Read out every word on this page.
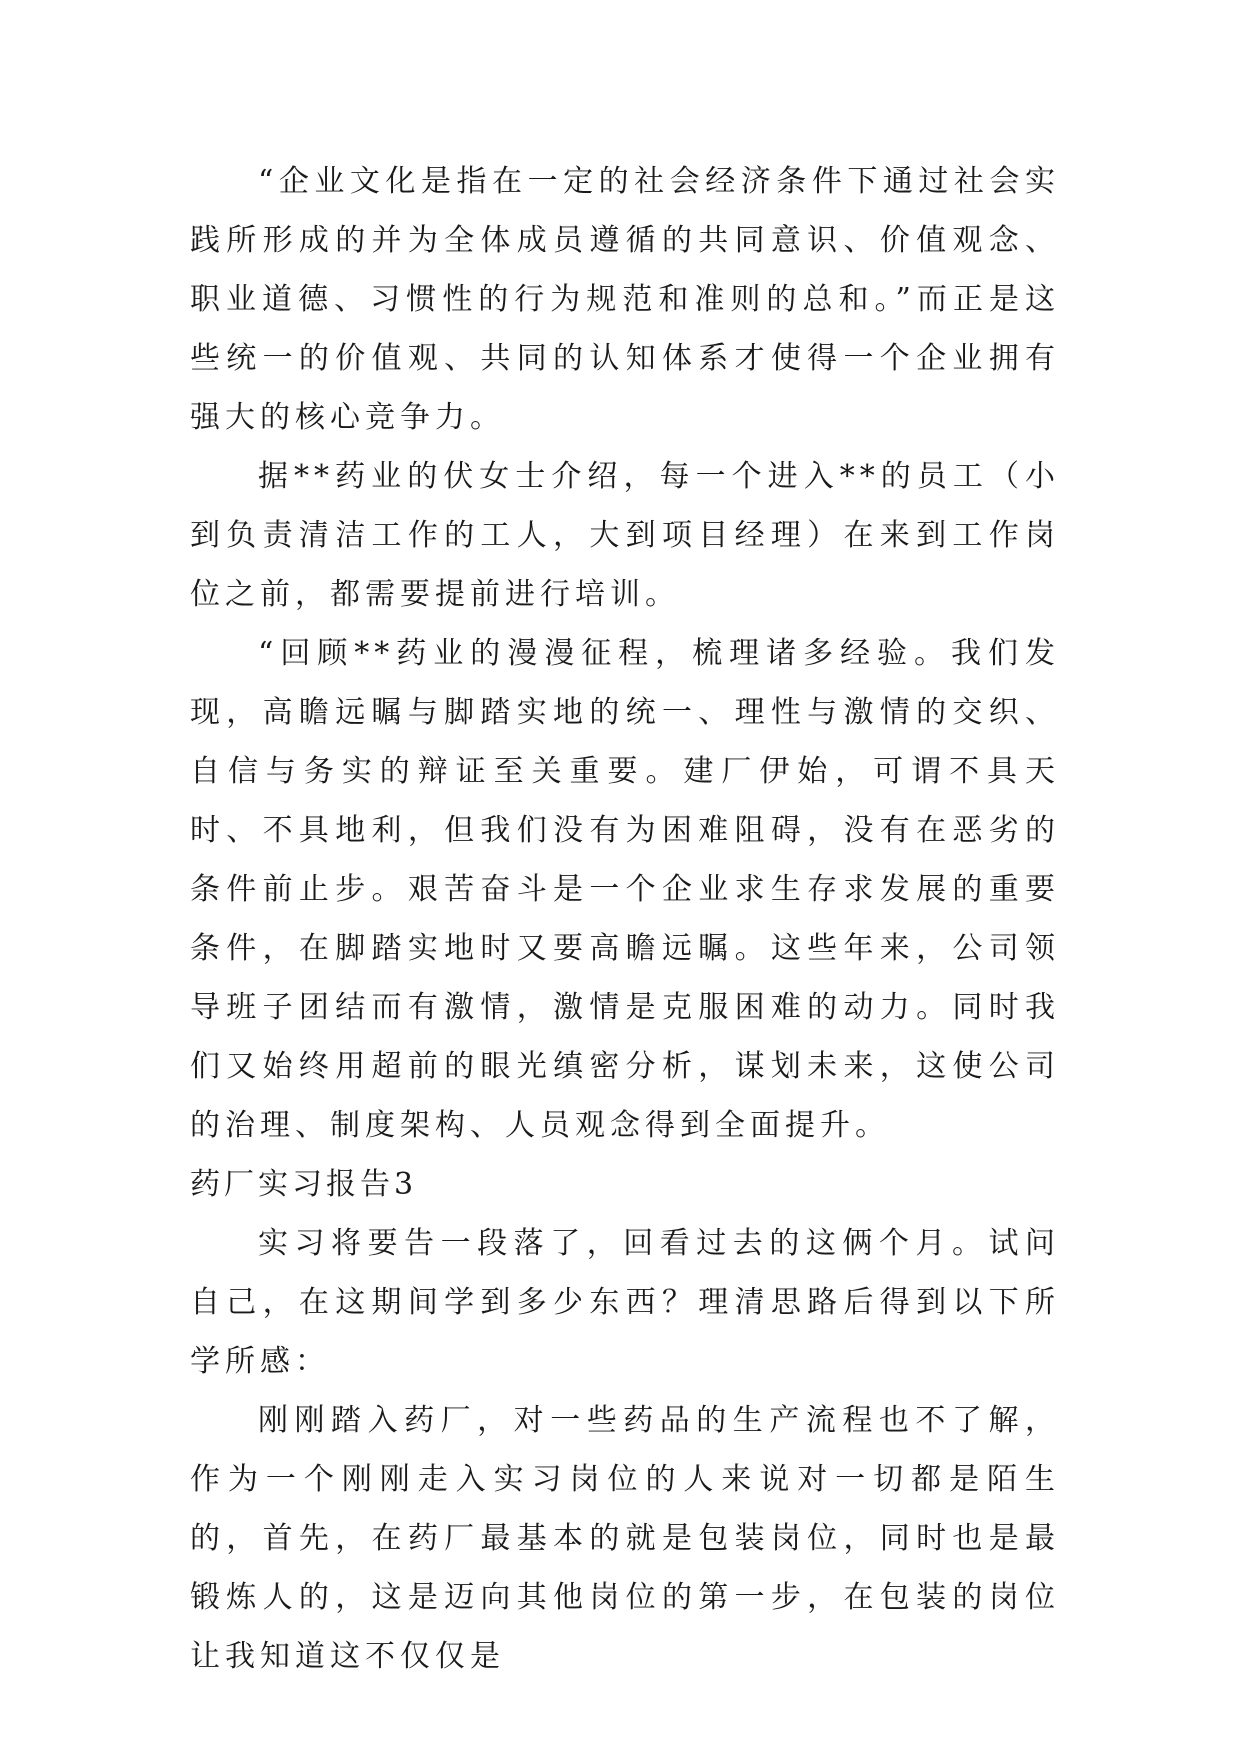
“企业文化是指在一定的社会经济条件下通过社会实践所形成的并为全体成员遵循的共同意识、价值观念、职业道德、习惯性的行为规范和准则的总和。”而正是这些统一的价值观、共同的认知体系才使得一个企业拥有强大的核心竞争力。

据**药业的伏女士介绍，每一个进入**的员工（小到负责清洁工作的工人，大到项目经理）在来到工作岗位之前，都需要提前进行培训。

“回顾**药业的漫漫征程，梳理诸多经验。我们发现，高瞻远瞩与脚踏实地的统一、理性与激情的交织、自信与务实的辩证至关重要。建厂伊始，可谓不具天时、不具地利，但我们没有为困难阻碍，没有在恶劣的条件前止步。艰苦奋斗是一个企业求生存求发展的重要条件，在脚踏实地时又要高瞻远瞩。这些年来，公司领导班子团结而有激情，激情是克服困难的动力。同时我们又始终用超前的眼光缜密分析，谋划未来，这使公司的治理、制度架构、人员观念得到全面提升。

药厂实习报告3

实习将要告一段落了，回看过去的这俩个月。试问自己，在这期间学到多少东西？理清思路后得到以下所学所感：

刚刚踏入药厂，对一些药品的生产流程也不了解，作为一个刚刚走入实习岗位的人来说对一切都是陌生的，首先，在药厂最基本的就是包装岗位，同时也是最锻炼人的，这是迈向其他岗位的第一步，在包装的岗位让我知道这不仅仅是
